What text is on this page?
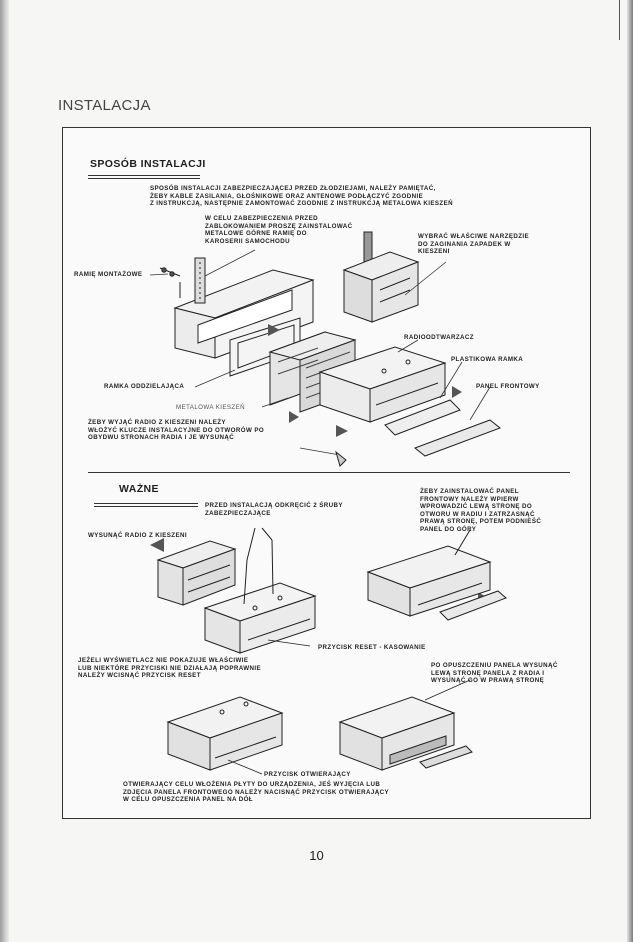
INSTALACJA
SPOSÓB INSTALACJI
SPOSÓB INSTALACJI ZABEZPIECZAJĄCEJ PRZED ZŁODZIEJAMI, NALEŻY PAMIĘTAĆ,
ŻEBY KABLE ZASILANIA, GŁOŚNIKOWE ORAZ ANTENOWE PODŁĄCZYĆ ZGODNIE
Z INSTRUKCJĄ, NASTĘPNIE ZAMONTOWAĆ ZGODNIE Z INSTRUKCJĄ METALOWA KIESZEŃ
W CELU ZABEZPIECZENIA PRZED
ZABLOKOWANIEM PROSZĘ ZAINSTALOWAĆ
METALOWE GÓRNE RAMIĘ DO
KAROSERII SAMOCHODU
WYBRAĆ WŁAŚCIWE NARZĘDZIE
DO ZAGINANIA ZAPADEK W
KIESZENI
RAMIĘ MONTAŻOWE
RADIOODTWARZACZ
PLASTIKOWA RAMKA
RAMKA ODDZIELAJĄCA	PANEL FRONTOWY
METALOWA KIESZEŃ
ŻEBY WYJĄĆ RADIO Z KIESZENI NALEŻY
WŁOŻYĆ KLUCZE INSTALACYJNE DO OTWORÓW PO
OBYDWU STRONACH RADIA I JE WYSUNĄĆ
WAŻNE
PRZED INSTALACJĄ ODKRĘCIĆ 2 ŚRUBY
ZABEZPIECZAJĄCE
ŻEBY ZAINSTALOWAĆ PANEL
FRONTOWY NALEŻY WPIERW
WPROWADZIĆ LEWĄ STRONĘ DO
OTWORU W RADIU I ZATRZASNĄĆ
PRAWĄ STRONĘ, POTEM PODNIEŚĆ
PANEL DO GÓRY
WYSUNĄĆ RADIO Z KIESZENI
PRZYCISK RESET - KASOWANIE
JEŻELI WYŚWIETLACZ NIE POKAZUJE WŁAŚCIWIE
LUB NIEKTÓRE PRZYCISKI NIE DZIAŁAJĄ POPRAWNIE
NALEŻY WCISNĄĆ PRZYCISK RESET
PO OPUSZCZENIU PANELA WYSUNĄĆ
LEWĄ STRONĘ PANELA Z RADIA I
WYSUNĄĆ GO W PRAWĄ STRONĘ
PRZYCISK OTWIERAJĄCY
OTWIERAJĄCY CELU WŁOŻENIA PŁYTY DO URZĄDZENIA, JEŚ WYJĘCIA LUB
ZDJĘCIA PANELA FRONTOWEGO NALEŻY NACISNĄĆ PRZYCISK OTWIERAJĄCY
W CELU OPUSZCZENIA PANEL NA DÓŁ
10
